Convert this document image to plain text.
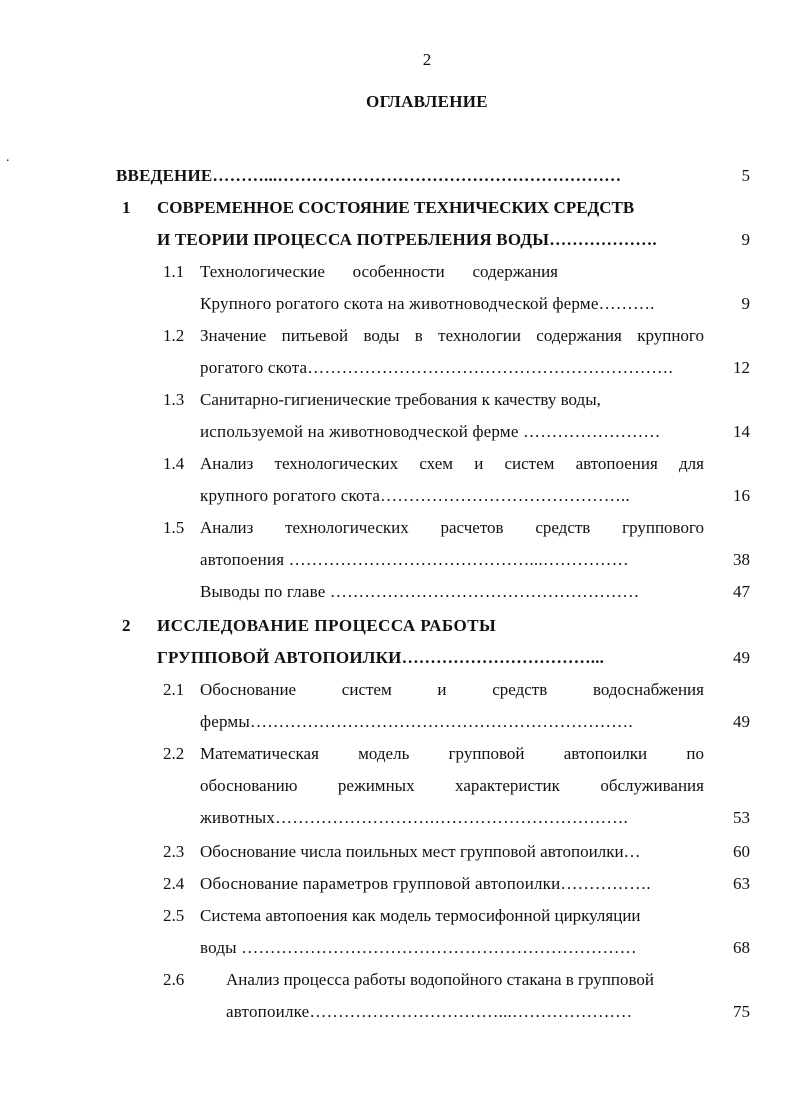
2
ОГЛАВЛЕНИЕ
.
ВВЕДЕНИЕ………...……………………………………………………	5
1 СОВРЕМЕННОЕ СОСТОЯНИЕ ТЕХНИЧЕСКИХ СРЕДСТВ
И ТЕОРИИ ПРОЦЕССА ПОТРЕБЛЕНИЯ ВОДЫ……………….	9
1.1 Технологические особенности содержания
Крупного рогатого скота на животноводческой ферме……….	9
1.2 Значение питьевой воды в технологии содержания крупного
рогатого скота……………………………………………………….	12
1.3 Санитарно-гигиенические требования к качеству воды,
используемой на животноводческой ферме ……………………	14
1.4 Анализ технологических схем и систем автопоения для
крупного рогатого скота……………………………………..	16
1.5 Анализ технологических расчетов средств группового
автопоения ……………………………………...……………	38
Выводы по главе ………………………………………………	47
2 ИССЛЕДОВАНИЕ ПРОЦЕССА РАБОТЫ
ГРУППОВОЙ АВТОПОИЛКИ……………………………...	49
2.1 Обоснование	систем	и	средств	водоснабжения
фермы………………………………………………………….	49
2.2 Математическая модель групповой автопоилки по
обоснованию режимных характеристик обслуживания
животных……………………….…………………………….	53
2.3 Обоснование числа поильных мест групповой автопоилки…	60
2.4 Обоснование параметров групповой автопоилки…………….	63
2.5 Система автопоения как модель термосифонной циркуляции
воды ……………………………………………………………	68
2.6 Анализ процесса работы водопойного стакана в групповой
автопоилке……………………………...…………………	75
